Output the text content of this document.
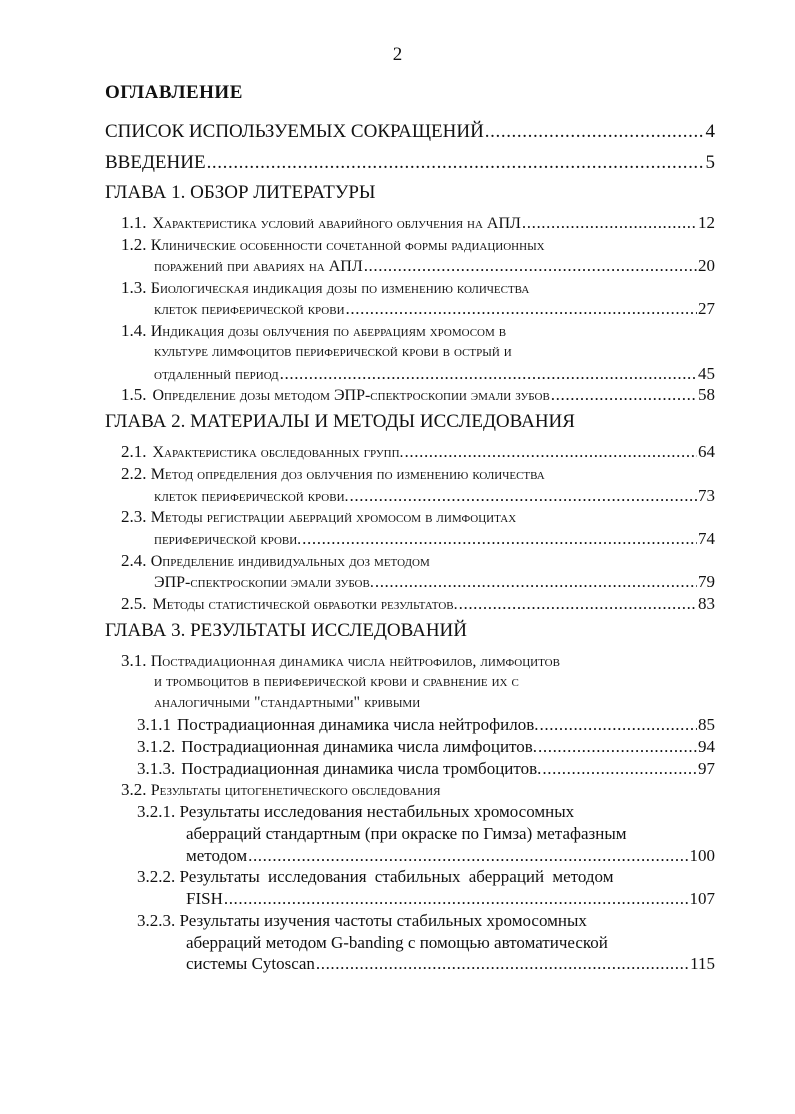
2
ОГЛАВЛЕНИЕ
СПИСОК ИСПОЛЬЗУЕМЫХ СОКРАЩЕНИЙ .....	4
ВВЕДЕНИЕ .....	5
ГЛАВА 1. ОБЗОР ЛИТЕРАТУРЫ
1.1. Характеристика условий аварийного облучения на АПЛ .....	12
1.2. Клинические особенности сочетанной формы радиационных
поражений при авариях на АПЛ .....	20
1.3. Биологическая индикация дозы по изменению количества
клеток периферической крови .....	27
1.4. Индикация дозы облучения по аберрациям хромосом в
культуре лимфоцитов периферической крови в острый и
отдаленный период .....	45
1.5. Определение дозы методом ЭПР-спектроскопии эмали зубов .....	58
ГЛАВА 2. МАТЕРИАЛЫ И МЕТОДЫ ИССЛЕДОВАНИЯ
2.1. Характеристика обследованных групп. .....	64
2.2. Метод определения доз облучения по изменению количества
клеток периферической крови. .....	73
2.3. Методы регистрации аберраций хромосом в лимфоцитах
периферической крови. .....	74
2.4. Определение индивидуальных доз методом
ЭПР-спектроскопии эмали зубов. .....	79
2.5. Методы статистической обработки результатов. .....	83
ГЛАВА 3. РЕЗУЛЬТАТЫ ИССЛЕДОВАНИЙ
3.1. Пострадиационная динамика числа нейтрофилов, лимфоцитов
и тромбоцитов в периферической крови и сравнение их с
аналогичными "стандартными" кривыми
3.1.1 Пострадиационная динамика числа нейтрофилов. .....	85
3.1.2. Пострадиационная динамика числа лимфоцитов. .....	94
3.1.3. Пострадиационная динамика числа тромбоцитов. .....	97
3.2. Результаты цитогенетического обследования
3.2.1. Результаты исследования нестабильных хромосомных
аберраций стандартным (при окраске по Гимза) метафазным
методом .....	100
3.2.2. Результаты исследования стабильных аберраций методом
FISH .....	107
3.2.3. Результаты изучения частоты стабильных хромосомных
аберраций методом G-banding с помощью автоматической
системы Cytoscan .....	115
